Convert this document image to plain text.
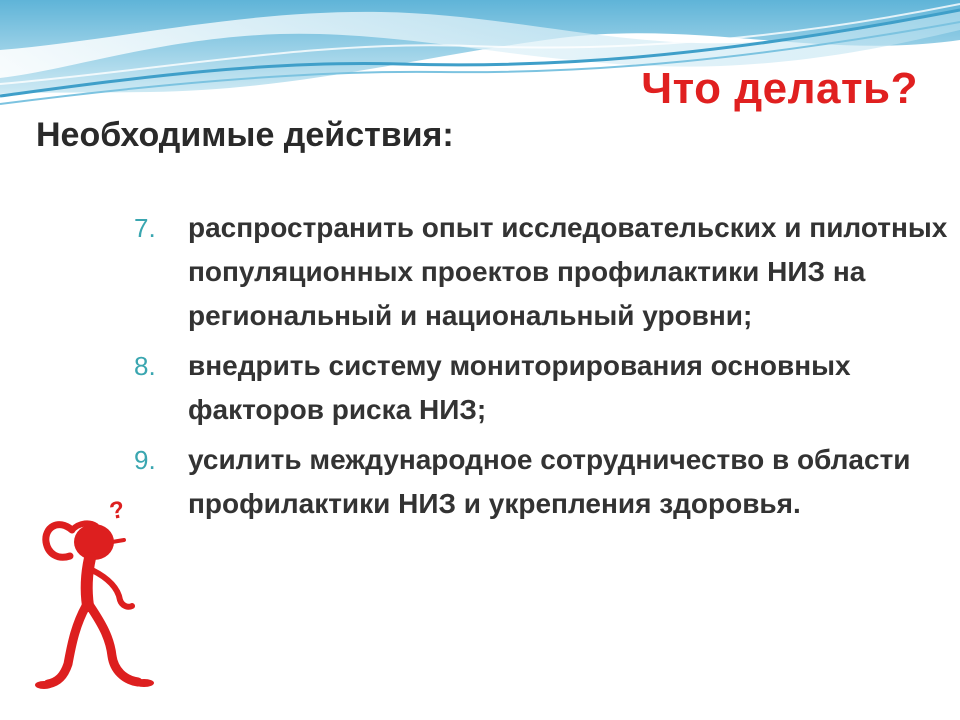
Что делать?
Необходимые действия:
7.	распространить опыт исследовательских и пилотных популяционных проектов профилактики НИЗ на региональный и национальный уровни;
8.	внедрить систему мониторирования основных факторов риска НИЗ;
9.	усилить международное сотрудничество в области профилактики НИЗ и укрепления здоровья.
?
